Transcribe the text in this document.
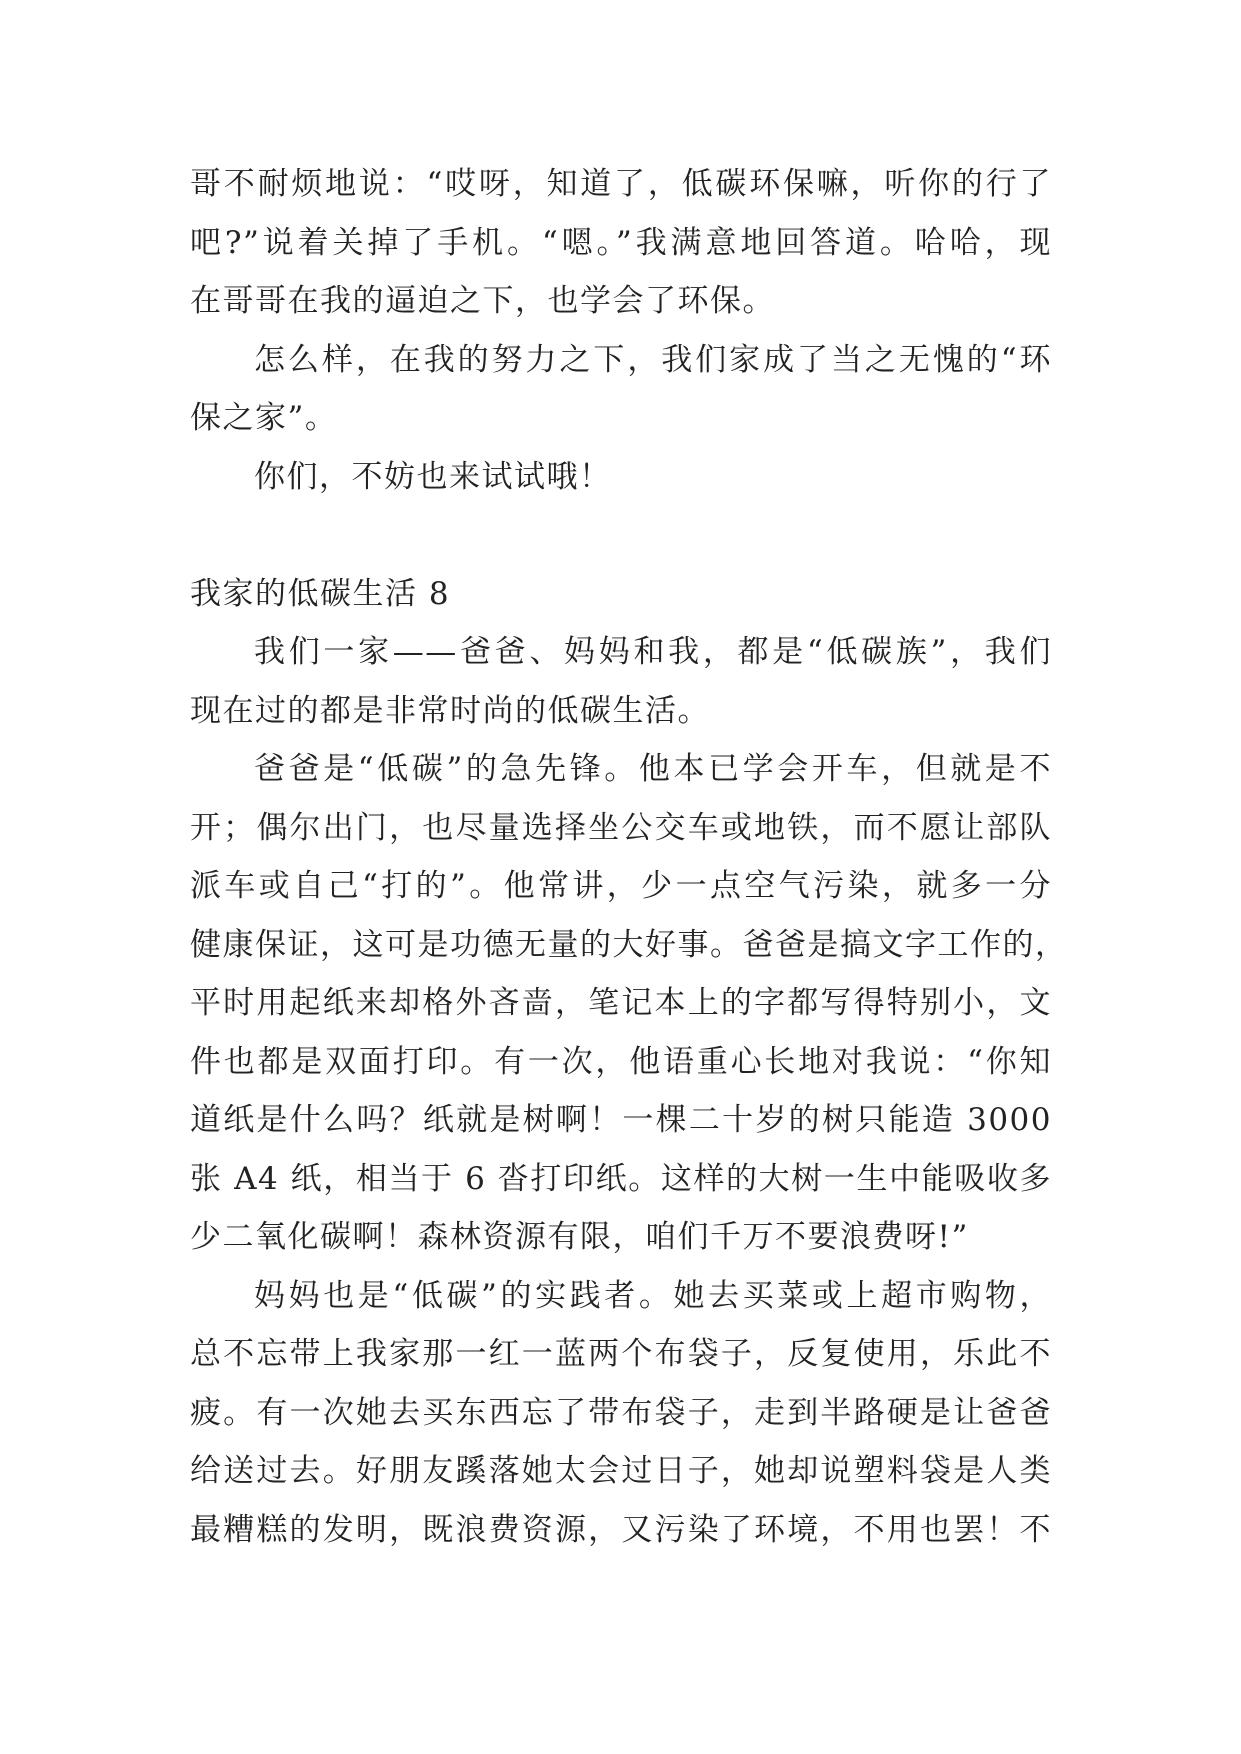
哥不耐烦地说：“哎呀，知道了，低碳环保嘛，听你的行了
吧?”说着关掉了手机。“嗯。”我满意地回答道。哈哈，现
在哥哥在我的逼迫之下，也学会了环保。
怎么样，在我的努力之下，我们家成了当之无愧的“环
保之家”。
你们，不妨也来试试哦！
我家的低碳生活 8
我们一家——爸爸、妈妈和我，都是“低碳族”，我们
现在过的都是非常时尚的低碳生活。
爸爸是“低碳”的急先锋。他本已学会开车，但就是不
开；偶尔出门，也尽量选择坐公交车或地铁，而不愿让部队
派车或自己“打的”。他常讲，少一点空气污染，就多一分
健康保证，这可是功德无量的大好事。爸爸是搞文字工作的，
平时用起纸来却格外吝啬，笔记本上的字都写得特别小，文
件也都是双面打印。有一次，他语重心长地对我说：“你知
道纸是什么吗？纸就是树啊！一棵二十岁的树只能造 3000
张 A4 纸，相当于 6 沓打印纸。这样的大树一生中能吸收多
少二氧化碳啊！森林资源有限，咱们千万不要浪费呀!”
妈妈也是“低碳”的实践者。她去买菜或上超市购物，
总不忘带上我家那一红一蓝两个布袋子，反复使用，乐此不
疲。有一次她去买东西忘了带布袋子，走到半路硬是让爸爸
给送过去。好朋友蹊落她太会过日子，她却说塑料袋是人类
最糟糕的发明，既浪费资源，又污染了环境，不用也罢！不
